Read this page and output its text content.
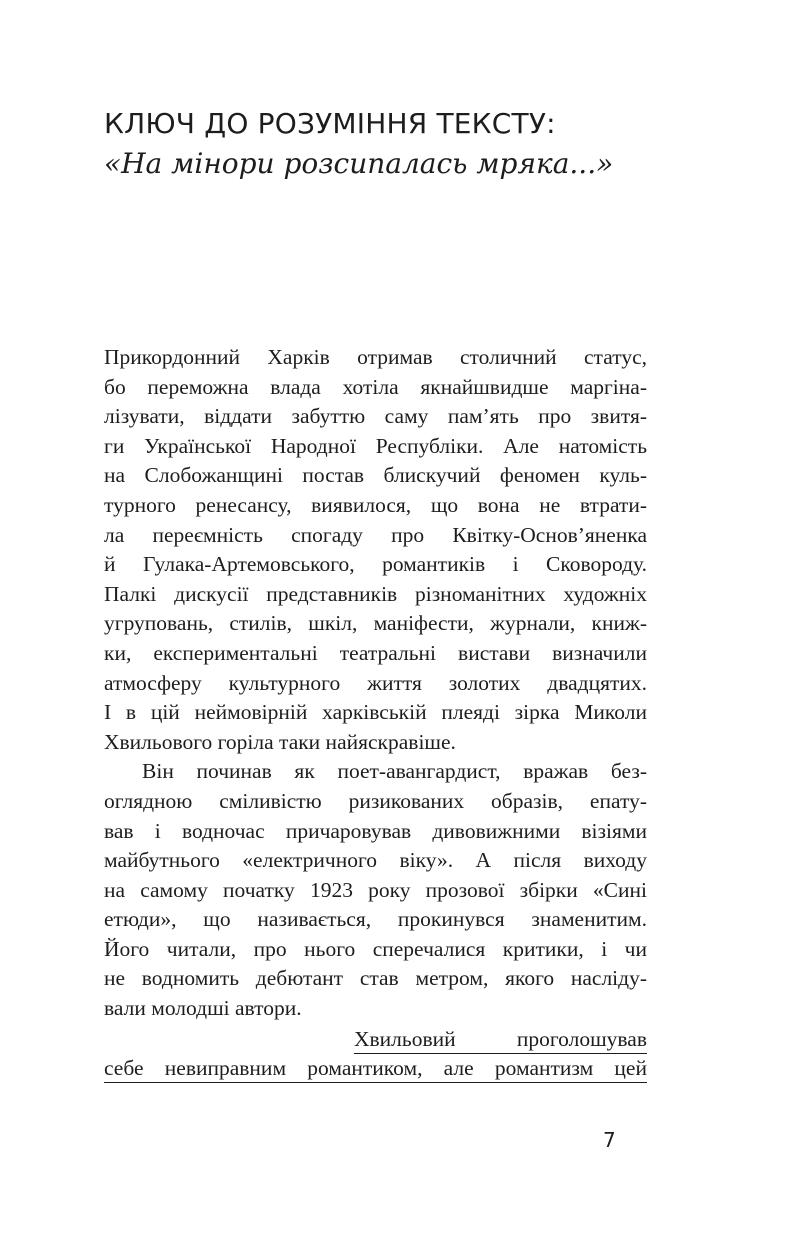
КЛЮЧ ДО РОЗУМІННЯ ТЕКСТУ:
«На мінори розсипалась мряка...»
Прикордонний Харків отримав столичний статус,
бо переможна влада хотіла якнайшвидше маргіна-
лізувати, віддати забуттю саму пам’ять про звитя-
ги Української Народної Республіки. Але натомість
на Слобожанщині постав блискучий феномен куль-
турного ренесансу, виявилося, що вона не втрати-
ла переємність спогаду про Квітку-Основ’яненка
й Гулака-Артемовського, романтиків і Сковороду.
Палкі дискусії представників різноманітних художніх
угруповань, стилів, шкіл, маніфести, журнали, книж-
ки, експериментальні театральні вистави визначили
атмосферу культурного життя золотих двадцятих.
І в цій неймовірній харківській плеяді зірка Миколи
Хвильового горіла таки найяскравіше.
Він починав як поет-авангардист, вражав без-
оглядною сміливістю ризикованих образів, епату-
вав і водночас причаровував дивовижними візіями
майбутнього «електричного віку». А після виходу
на самому початку 1923 року прозової збірки «Сині
етюди», що називається, прокинувся знаменитим.
Його читали, про нього сперечалися критики, і чи
не водномить дебютант став метром, якого насліду-
вали молодші автори.
Хвильовий проголошував
себе невиправним романтиком, але романтизм цей
7
